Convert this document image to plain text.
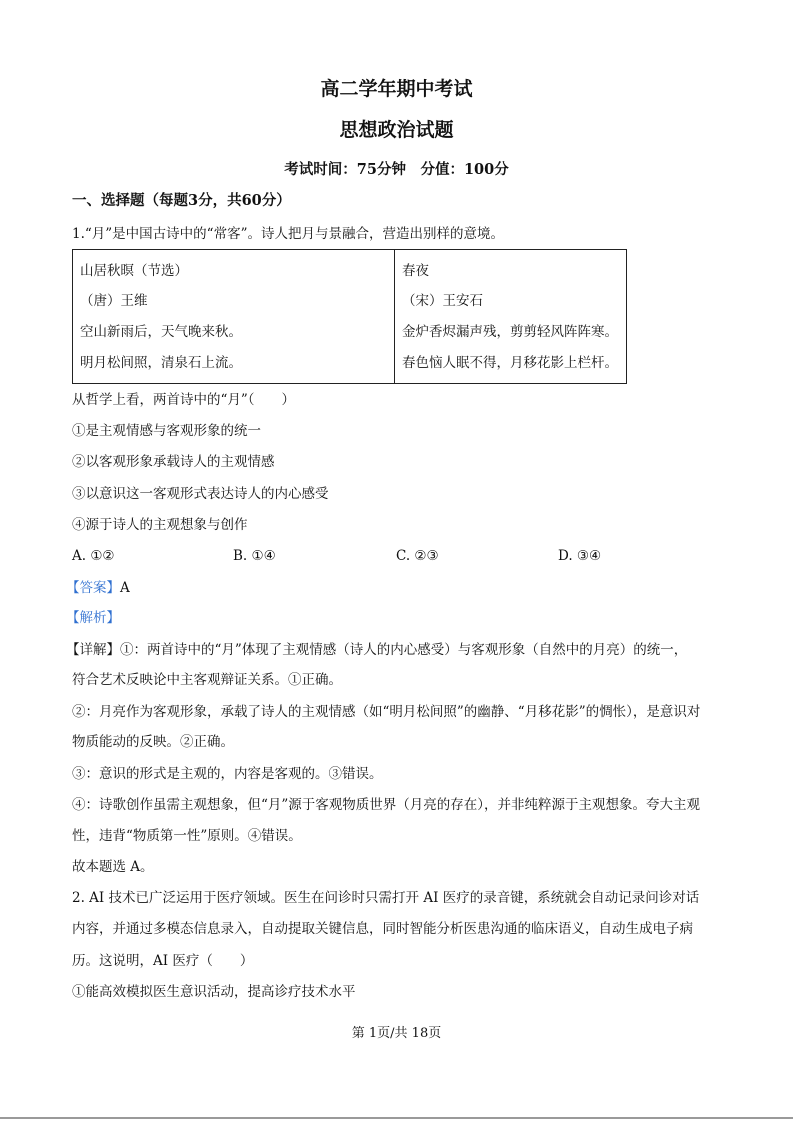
高二学年期中考试
思想政治试题
考试时间：75分钟　分值：100分
一、选择题（每题3分，共60分）
1.“月”是中国古诗中的“常客”。诗人把月与景融合，营造出别样的意境。
山居秋暝（节选）
（唐）王维
空山新雨后，天气晚来秋。
明月松间照，清泉石上流。
春夜
（宋）王安石
金炉香烬漏声残，剪剪轻风阵阵寒。
春色恼人眠不得，月移花影上栏杆。
从哲学上看，两首诗中的“月”（　　）
①是主观情感与客观形象的统一
②以客观形象承载诗人的主观情感
③以意识这一客观形式表达诗人的内心感受
④源于诗人的主观想象与创作
A. ①②	B. ①④	C. ②③	D. ③④
【答案】A
【解析】
【详解】①：两首诗中的“月”体现了主观情感（诗人的内心感受）与客观形象（自然中的月亮）的统一，
符合艺术反映论中主客观辩证关系。①正确。
②：月亮作为客观形象，承载了诗人的主观情感（如“明月松间照”的幽静、“月移花影”的惆怅），是意识对
物质能动的反映。②正确。
③：意识的形式是主观的，内容是客观的。③错误。
④：诗歌创作虽需主观想象，但“月”源于客观物质世界（月亮的存在），并非纯粹源于主观想象。夸大主观
性，违背“物质第一性”原则。④错误。
故本题选 A。
2. AI 技术已广泛运用于医疗领域。医生在问诊时只需打开 AI 医疗的录音键，系统就会自动记录问诊对话
内容，并通过多模态信息录入，自动提取关键信息，同时智能分析医患沟通的临床语义，自动生成电子病
历。这说明，AI 医疗（　　）
①能高效模拟医生意识活动，提高诊疗技术水平
第 1页/共 18页
